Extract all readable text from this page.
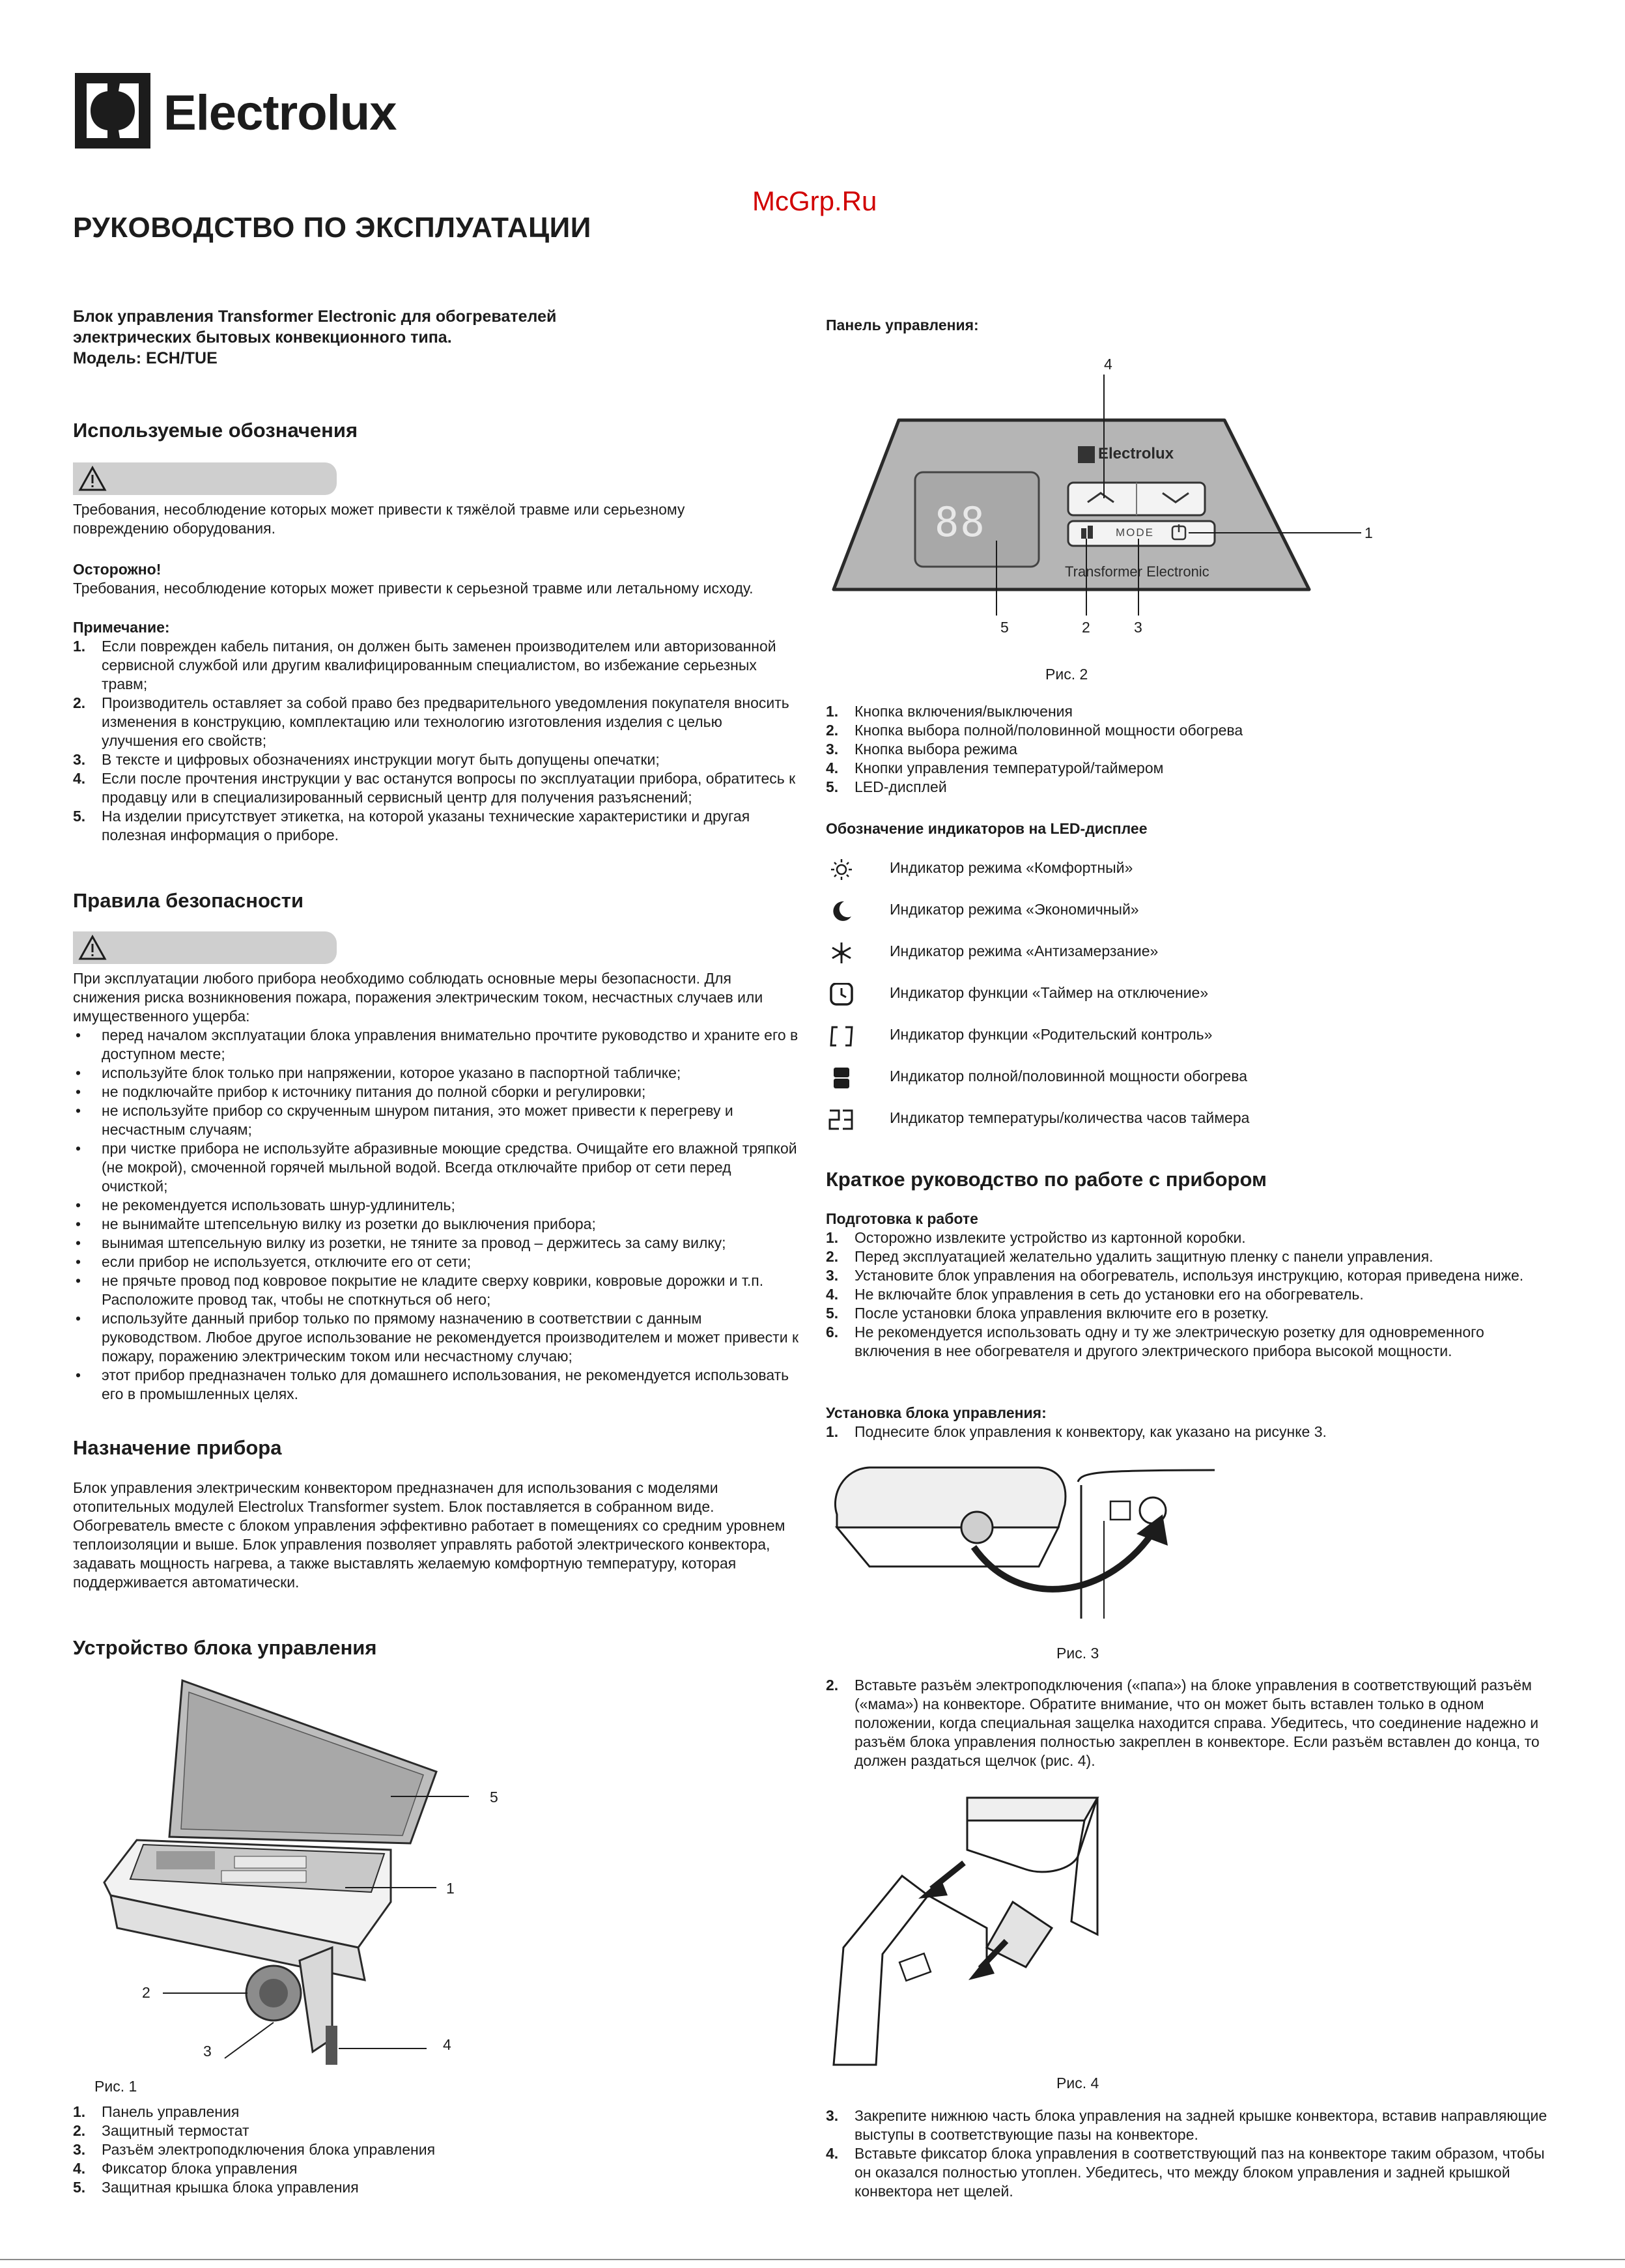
Electrolux
McGrp.Ru
РУКОВОДСТВО ПО ЭКСПЛУАТАЦИИ
Блок управления Transformer Electronic для обогревателей
электрических бытовых конвекционного типа.
Модель: ECH/TUE
Используемые обозначения
Требования, несоблюдение которых может привести к тяжёлой травме или серьезному
повреждению оборудования.
Осторожно!
Требования, несоблюдение которых может привести к серьезной травме или летальному исходу.
Примечание:
1. Если поврежден кабель питания, он должен быть заменен производителем или авторизованной сервисной службой или другим квалифицированным специалистом, во избежание серьезных травм;
2. Производитель оставляет за собой право без предварительного уведомления покупателя вносить изменения в конструкцию, комплектацию или технологию изготовления изделия с целью улучшения его свойств;
3. В тексте и цифровых обозначениях инструкции могут быть допущены опечатки;
4. Если после прочтения инструкции у вас останутся вопросы по эксплуатации прибора, обратитесь к продавцу или в специализированный сервисный центр для получения разъяснений;
5. На изделии присутствует этикетка, на которой указаны технические характеристики и другая полезная информация о приборе.
Правила безопасности
При эксплуатации любого прибора необходимо соблюдать основные меры безопасности. Для снижения риска возникновения пожара, поражения электрическим током, несчастных случаев или имущественного ущерба:
• перед началом эксплуатации блока управления внимательно прочтите руководство и храните его в доступном месте;
• используйте блок только при напряжении, которое указано в паспортной табличке;
• не подключайте прибор к источнику питания до полной сборки и регулировки;
• не используйте прибор со скрученным шнуром питания, это может привести к перегреву и несчастным случаям;
• при чистке прибора не используйте абразивные моющие средства. Очищайте его влажной тряпкой (не мокрой), смоченной горячей мыльной водой. Всегда отключайте прибор от сети перед очисткой;
• не рекомендуется использовать шнур-удлинитель;
• не вынимайте штепсельную вилку из розетки до выключения прибора;
• вынимая штепсельную вилку из розетки, не тяните за провод – держитесь за саму вилку;
• если прибор не используется, отключите его от сети;
• не прячьте провод под ковровое покрытие не кладите сверху коврики, ковровые дорожки и т.п. Расположите провод так, чтобы не споткнуться об него;
• используйте данный прибор только по прямому назначению в соответствии с данным руководством. Любое другое использование не рекомендуется производителем и может привести к пожару, поражению электрическим током или несчастному случаю;
• этот прибор предназначен только для домашнего использования, не рекомендуется использовать его в промышленных целях.
Назначение прибора
Блок управления электрическим конвектором предназначен для использования с моделями отопительных модулей Electrolux Transformer system. Блок поставляется в собранном виде. Обогреватель вместе с блоком управления эффективно работает в помещениях со средним уровнем теплоизоляции и выше. Блок управления позволяет управлять работой электрического конвектора, задавать мощность нагрева, а также выставлять желаемую комфортную температуру, которая поддерживается автоматически.
Устройство блока управления
5
1
2
3	4
Рис. 1
1. Панель управления
2. Защитный термостат
3. Разъём электроподключения блока управления
4. Фиксатор блока управления
5. Защитная крышка блока управления
Панель управления:
88
Electrolux
MODE
Transformer Electronic
4
1
5	2	3
Рис. 2
1. Кнопка включения/выключения
2. Кнопка выбора полной/половинной мощности обогрева
3. Кнопка выбора режима
4. Кнопки управления температурой/таймером
5. LED-дисплей
Обозначение индикаторов на LED-дисплее
Индикатор режима «Комфортный»
Индикатор режима «Экономичный»
Индикатор режима «Антизамерзание»
Индикатор функции «Таймер на отключение»
Индикатор функции «Родительский контроль»
Индикатор полной/половинной мощности обогрева
Индикатор температуры/количества часов таймера
Краткое руководство по работе с прибором
Подготовка к работе
1. Осторожно извлеките устройство из картонной коробки.
2. Перед эксплуатацией желательно удалить защитную пленку с панели управления.
3. Установите блок управления на обогреватель, используя инструкцию, которая приведена ниже.
4. Не включайте блок управления в сеть до установки его на обогреватель.
5. После установки блока управления включите его в розетку.
6. Не рекомендуется использовать одну и ту же электрическую розетку для одновременного включения в нее обогревателя и другого электрического прибора высокой мощности.
Установка блока управления:
1. Поднесите блок управления к конвектору, как указано на рисунке 3.
Рис. 3
2. Вставьте разъём электроподключения («папа») на блоке управления в соответствующий разъём («мама») на конвекторе. Обратите внимание, что он может быть вставлен только в одном положении, когда специальная защелка находится справа. Убедитесь, что соединение надежно и разъём блока управления полностью закреплен в конвекторе. Если разъём вставлен до конца, то должен раздаться щелчок (рис. 4).
Рис. 4
3. Закрепите нижнюю часть блока управления на задней крышке конвектора, вставив направляющие выступы в соответствующие пазы на конвекторе.
4. Вставьте фиксатор блока управления в соответствующий паз на конвекторе таким образом, чтобы он оказался полностью утоплен. Убедитесь, что между блоком управления и задней крышкой конвектора нет щелей.
